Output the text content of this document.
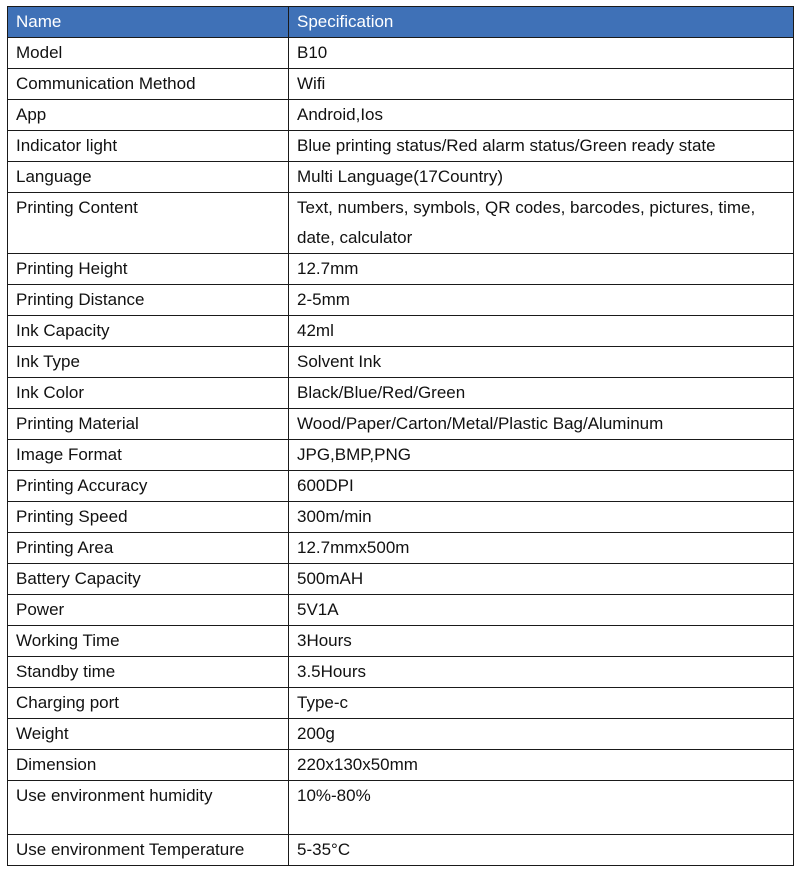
Name	Specification
Model	B10
Communication Method	Wifi
App	Android,Ios
Indicator light	Blue printing status/Red alarm status/Green ready state
Language	Multi Language(17Country)
Printing Content	Text, numbers, symbols, QR codes, barcodes, pictures, time, date, calculator
Printing Height	12.7mm
Printing Distance	2-5mm
Ink Capacity	42ml
Ink Type	Solvent Ink
Ink Color	Black/Blue/Red/Green
Printing Material	Wood/Paper/Carton/Metal/Plastic Bag/Aluminum
Image Format	JPG,BMP,PNG
Printing Accuracy	600DPI
Printing Speed	300m/min
Printing Area	12.7mmx500m
Battery Capacity	500mAH
Power	5V1A
Working Time	3Hours
Standby time	3.5Hours
Charging port	Type-c
Weight	200g
Dimension	220x130x50mm
Use environment humidity	10%-80%
Use environment Temperature	5-35°C
